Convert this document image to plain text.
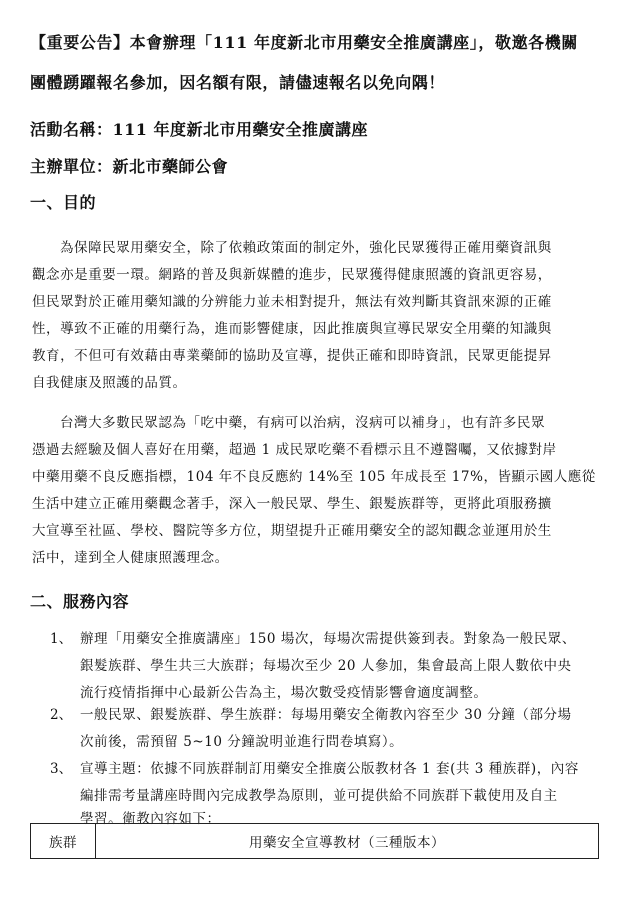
【重要公告】本會辦理「111 年度新北市用藥安全推廣講座」，敬邀各機關
團體踴躍報名參加，因名額有限，請儘速報名以免向隅！
活動名稱：111 年度新北市用藥安全推廣講座
主辦單位：新北市藥師公會
一、目的
為保障民眾用藥安全，除了依賴政策面的制定外，強化民眾獲得正確用藥資訊與
觀念亦是重要一環。網路的普及與新媒體的進步，民眾獲得健康照護的資訊更容易，
但民眾對於正確用藥知識的分辨能力並未相對提升，無法有效判斷其資訊來源的正確
性，導致不正確的用藥行為，進而影響健康，因此推廣與宣導民眾安全用藥的知識與
教育，不但可有效藉由專業藥師的協助及宣導，提供正確和即時資訊，民眾更能提昇
自我健康及照護的品質。
台灣大多數民眾認為「吃中藥，有病可以治病，沒病可以補身」，也有許多民眾
憑過去經驗及個人喜好在用藥，超過 1 成民眾吃藥不看標示且不遵醫囑，又依據對岸
中藥用藥不良反應指標，104 年不良反應約 14%至 105 年成長至 17%，皆顯示國人應從
生活中建立正確用藥觀念著手，深入一般民眾、學生、銀髮族群等，更將此項服務擴
大宣導至社區、學校、醫院等多方位，期望提升正確用藥安全的認知觀念並運用於生
活中，達到全人健康照護理念。
二、服務內容
1、 辦理「用藥安全推廣講座」150 場次，每場次需提供簽到表。對象為一般民眾、
銀髮族群、學生共三大族群；每場次至少 20 人參加，集會最高上限人數依中央
流行疫情指揮中心最新公告為主，場次數受疫情影響會適度調整。
2、 一般民眾、銀髮族群、學生族群：每場用藥安全衛教內容至少 30 分鐘（部分場
次前後，需預留 5~10 分鐘說明並進行問卷填寫）。
3、 宣導主題：依據不同族群制訂用藥安全推廣公版教材各 1 套(共 3 種族群)，內容
編排需考量講座時間內完成教學為原則，並可提供給不同族群下載使用及自主
學習。衛教內容如下：
族群	用藥安全宣導教材（三種版本）
